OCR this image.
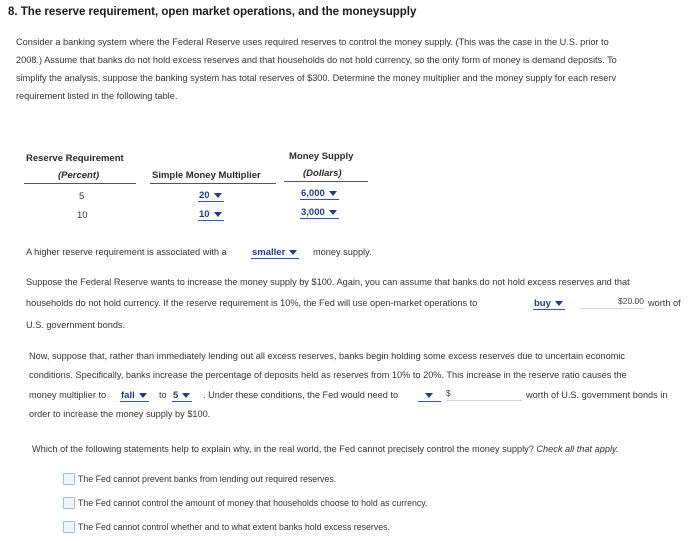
8. The reserve requirement, open market operations, and the moneysupply
Consider a banking system where the Federal Reserve uses required reserves to control the money supply. (This was the case in the U.S. prior to
2008.) Assume that banks do not hold excess reserves and that households do not hold currency, so the only form of money is demand deposits. To
simplify the analysis, suppose the banking system has total reserves of $300. Determine the money multiplier and the money supply for each reserv
requirement listed in the following table.
Reserve Requirement
(Percent)	Simple Money Multiplier
Money Supply
(Dollars)
5	20	6,000
10	10	3,000
A higher reserve requirement is associated with a	smaller	money supply.
Suppose the Federal Reserve wants to increase the money supply by $100. Again, you can assume that banks do not hold excess reserves and that
households do not hold currency. If the reserve requirement is 10%, the Fed will use open-market operations to	buy	$20.00 worth of
U.S. government bonds.
Now, suppose that, rather than immediately lending out all excess reserves, banks begin holding some excess reserves due to uncertain economic
conditions. Specifically, banks increase the percentage of deposits held as reserves from 10% to 20%. This increase in the reserve ratio causes the
money multiplier to fall	to 5	. Under these conditions, the Fed would need to	$	worth of U.S. government bonds in
order to increase the money supply by $100.
Which of the following statements help to explain why, in the real world, the Fed cannot precisely control the money supply? Check all that apply.
The Fed cannot prevent banks from lending out required reserves.
The Fed cannot control the amount of money that households choose to hold as currency.
The Fed cannot control whether and to what extent banks hold excess reserves.
